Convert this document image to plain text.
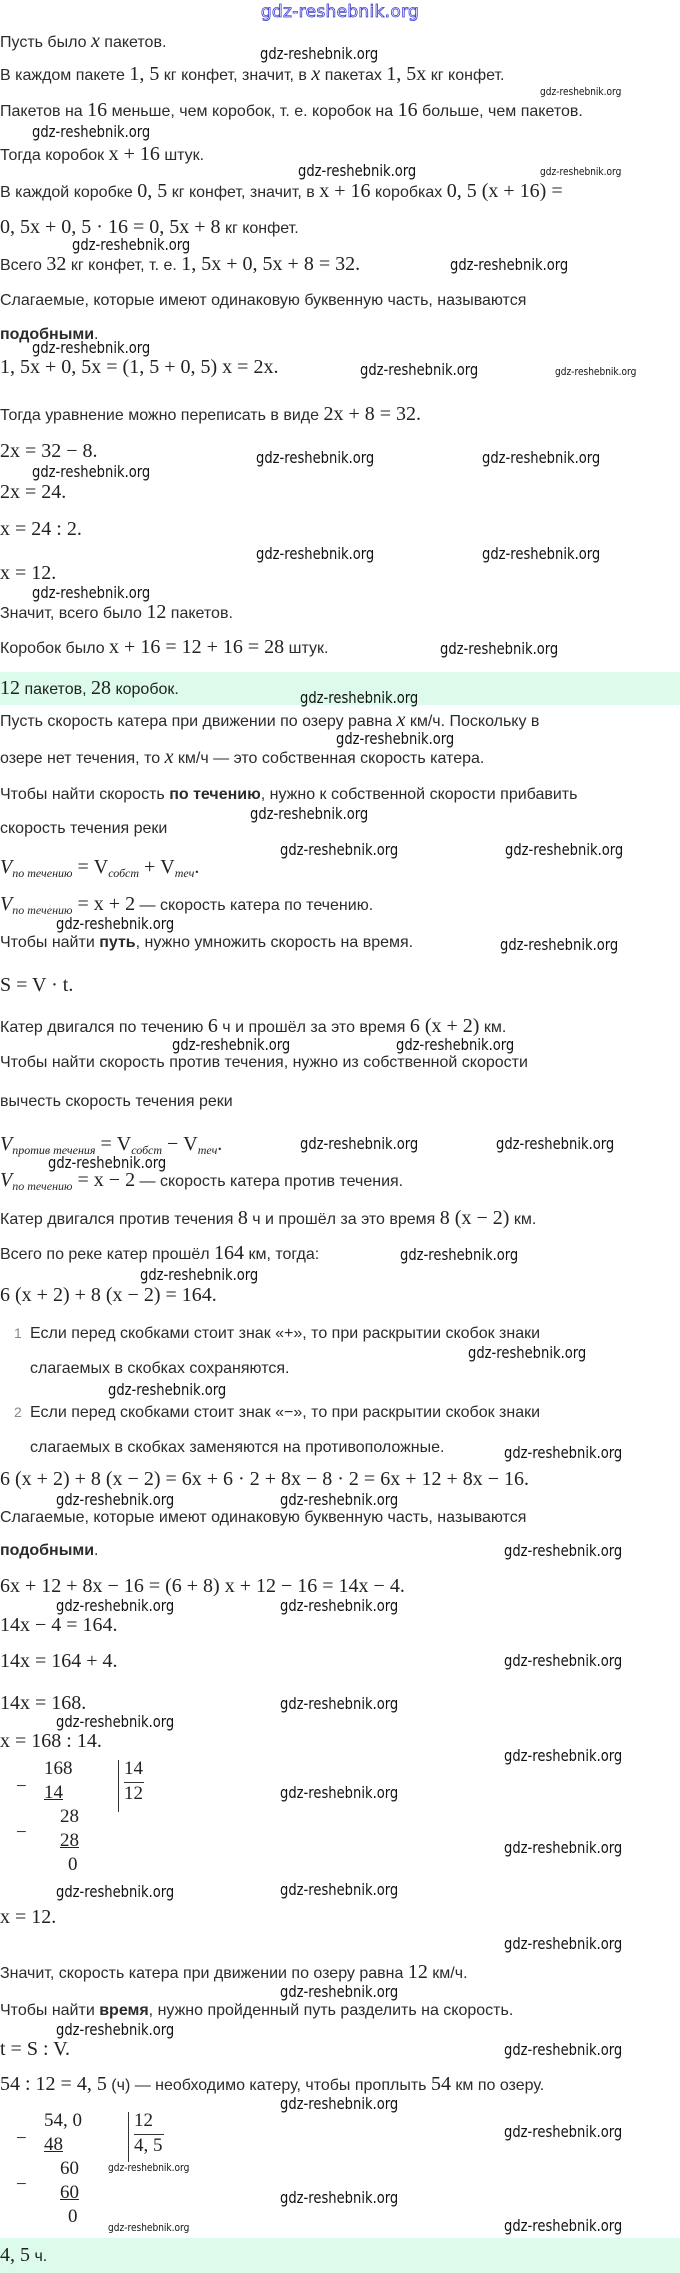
gdz-reshebnik.org
Пусть было x пакетов.
В каждом пакете 1, 5 кг конфет, значит, в x пакетах 1, 5x кг конфет.
Пакетов на 16 меньше, чем коробок, т. е. коробок на 16 больше, чем пакетов.
Тогда коробок x + 16 штук.
В каждой коробке 0, 5 кг конфет, значит, в x + 16 коробках 0, 5 (x + 16) =
0, 5x + 0, 5 · 16 = 0, 5x + 8 кг конфет.
Всего 32 кг конфет, т. е. 1, 5x + 0, 5x + 8 = 32.
Слагаемые, которые имеют одинаковую буквенную часть, называются
подобными.
1, 5x + 0, 5x = (1, 5 + 0, 5) x = 2x.
Тогда уравнение можно переписать в виде 2x + 8 = 32.
2x = 32 − 8.
2x = 24.
x = 24 : 2.
x = 12.
Значит, всего было 12 пакетов.
Коробок было x + 16 = 12 + 16 = 28 штук.
12 пакетов, 28 коробок.
Пусть скорость катера при движении по озеру равна x км/ч. Поскольку в
озере нет течения, то x км/ч — это собственная скорость катера.
Чтобы найти скорость по течению, нужно к собственной скорости прибавить
скорость течения реки
$V_{по течению} = V_{собст} + V_{теч}$.
$V_{по течению} = x + 2$ — скорость катера по течению.
Чтобы найти путь, нужно умножить скорость на время.
S = V · t.
Катер двигался по течению 6 ч и прошёл за это время 6 (x + 2) км.
Чтобы найти скорость против течения, нужно из собственной скорости
вычесть скорость течения реки
$V_{против течения} = V_{собст} - V_{теч}$.
$V_{по течению} = x - 2$ — скорость катера против течения.
Катер двигался против течения 8 ч и прошёл за это время 8 (x − 2) км.
Всего по реке катер прошёл 164 км, тогда:
6 (x + 2) + 8 (x − 2) = 164.
1 Если перед скобками стоит знак «+», то при раскрытии скобок знаки
слагаемых в скобках сохраняются.
2 Если перед скобками стоит знак «−», то при раскрытии скобок знаки
слагаемых в скобках заменяются на противоположные.
6 (x + 2) + 8 (x − 2) = 6x + 6 · 2 + 8x − 8 · 2 = 6x + 12 + 8x − 16.
Слагаемые, которые имеют одинаковую буквенную часть, называются
подобными.
6x + 12 + 8x − 16 = (6 + 8) x + 12 − 16 = 14x − 4.
14x − 4 = 164.
14x = 164 + 4.
14x = 168.
x = 168 : 14.
−
168
14
14
12
−
28
28
0
x = 12.
Значит, скорость катера при движении по озеру равна 12 км/ч.
Чтобы найти время, нужно пройденный путь разделить на скорость.
t = S : V.
54 : 12 = 4, 5 (ч) — необходимо катеру, чтобы проплыть 54 км по озеру.
−
54, 0
48
12
4, 5
−
60
60
0
4, 5 ч.
gdz-reshebnik.org
gdz-reshebnik.org
gdz-reshebnik.org
gdz-reshebnik.org	gdz-reshebnik.org
gdz-reshebnik.org
gdz-reshebnik.org
gdz-reshebnik.org
gdz-reshebnik.org	gdz-reshebnik.org
gdz-reshebnik.org	gdz-reshebnik.org
gdz-reshebnik.org
gdz-reshebnik.org	gdz-reshebnik.org
gdz-reshebnik.org
gdz-reshebnik.org
gdz-reshebnik.org
gdz-reshebnik.org
gdz-reshebnik.org
gdz-reshebnik.org	gdz-reshebnik.org
gdz-reshebnik.org
gdz-reshebnik.org
gdz-reshebnik.org	gdz-reshebnik.org
gdz-reshebnik.org	gdz-reshebnik.org
gdz-reshebnik.org
gdz-reshebnik.org
gdz-reshebnik.org
gdz-reshebnik.org
gdz-reshebnik.org
gdz-reshebnik.org
gdz-reshebnik.org	gdz-reshebnik.org
gdz-reshebnik.org
gdz-reshebnik.org	gdz-reshebnik.org
gdz-reshebnik.org
gdz-reshebnik.org
gdz-reshebnik.org
gdz-reshebnik.org
gdz-reshebnik.org
gdz-reshebnik.org
gdz-reshebnik.org
gdz-reshebnik.org
gdz-reshebnik.org
gdz-reshebnik.org
gdz-reshebnik.org
gdz-reshebnik.org
gdz-reshebnik.org
gdz-reshebnik.org
gdz-reshebnik.org
gdz-reshebnik.org
gdz-reshebnik.org
gdz-reshebnik.org
